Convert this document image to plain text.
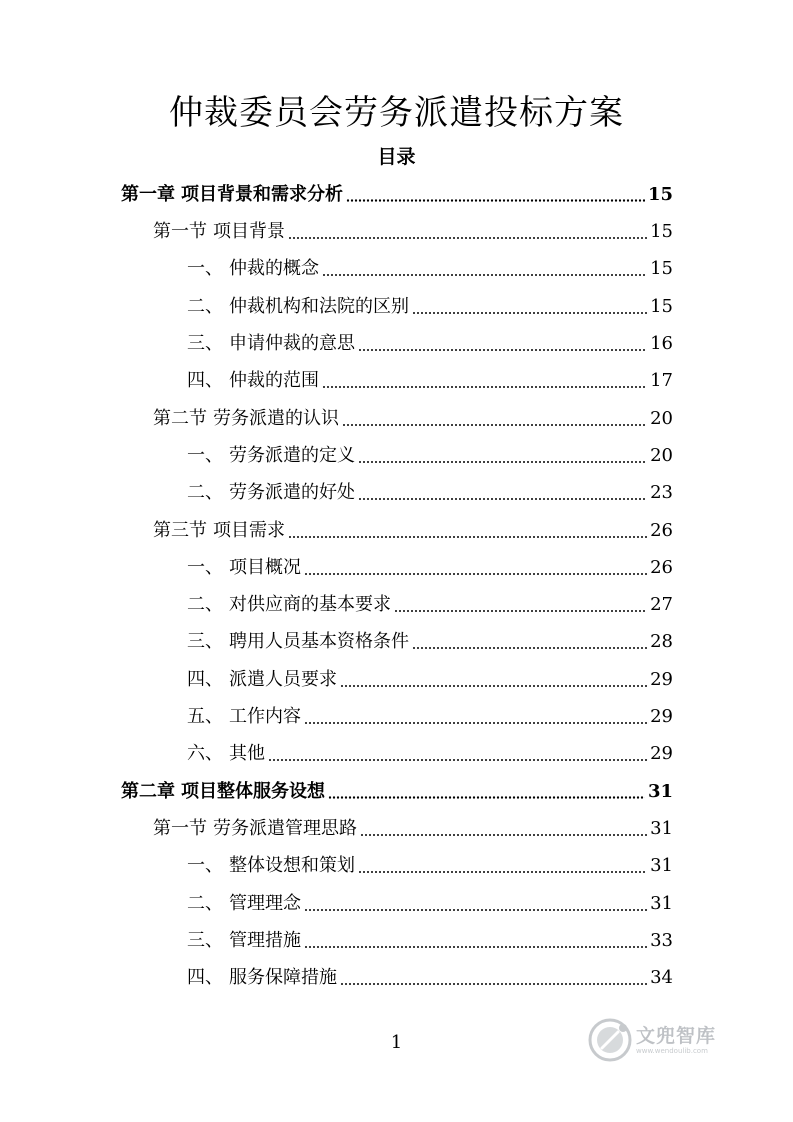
仲裁委员会劳务派遣投标方案
目录
第一章 项目背景和需求分析	15
第一节 项目背景	15
一、 仲裁的概念	15
二、 仲裁机构和法院的区别	15
三、 申请仲裁的意思	16
四、 仲裁的范围	17
第二节 劳务派遣的认识	20
一、 劳务派遣的定义	20
二、 劳务派遣的好处	23
第三节 项目需求	26
一、 项目概况	26
二、 对供应商的基本要求	27
三、 聘用人员基本资格条件	28
四、 派遣人员要求	29
五、 工作内容	29
六、 其他	29
第二章 项目整体服务设想	31
第一节 劳务派遣管理思路	31
一、 整体设想和策划	31
二、 管理理念	31
三、 管理措施	33
四、 服务保障措施	34
1	文兜智库
www.wendoulib.com
